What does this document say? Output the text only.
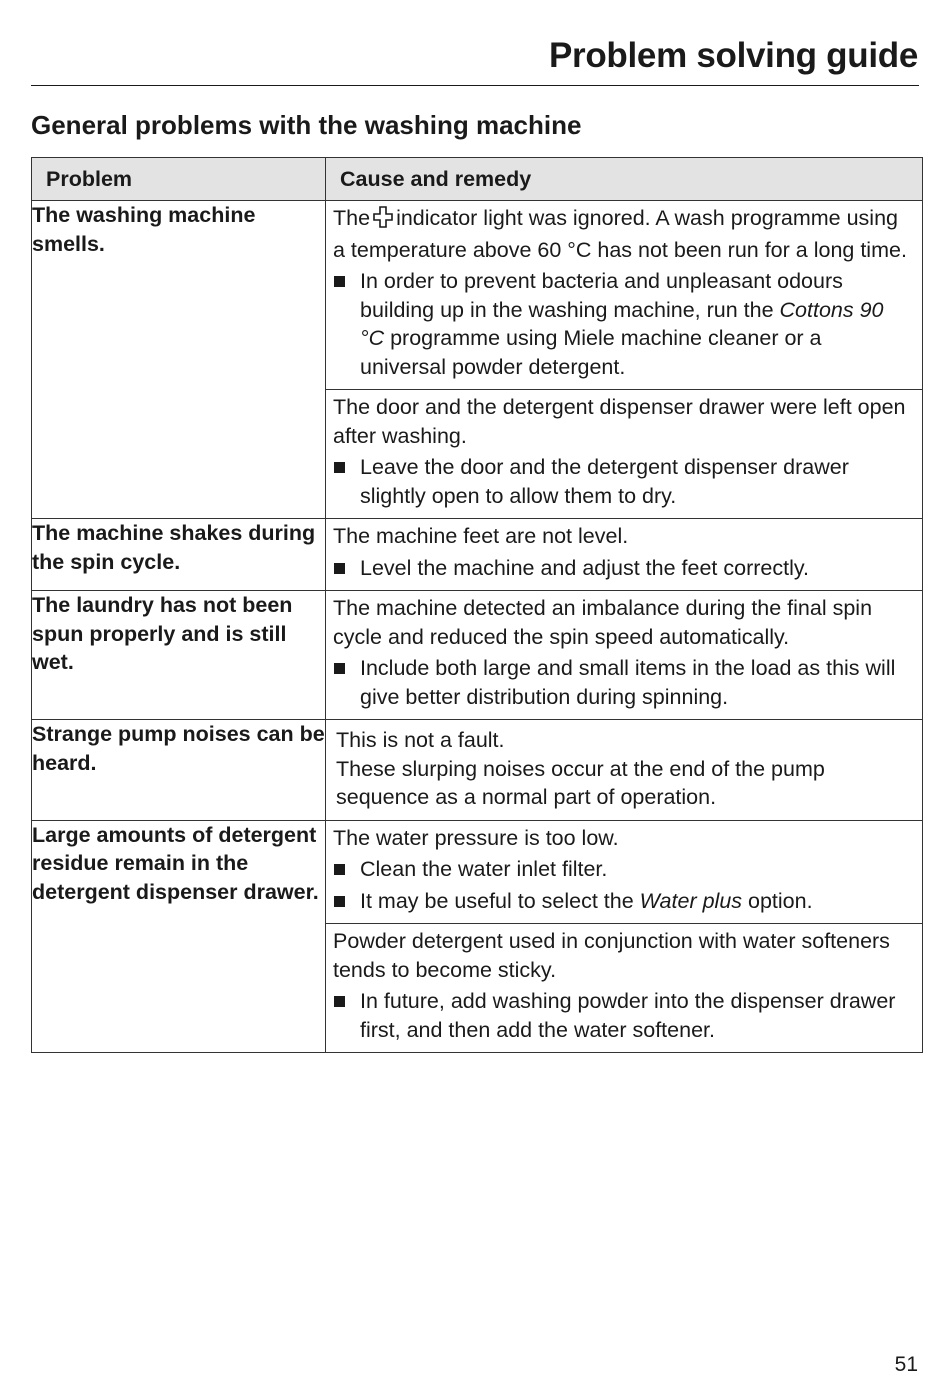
Problem solving guide
General problems with the washing machine
Problem	Cause and remedy
The washing machine smells.	The indicator light was ignored. A wash programme using a temperature above 60 °C has not been run for a long time.
In order to prevent bacteria and unpleasant odours building up in the washing machine, run the Cottons 90 °C programme using Miele machine cleaner or a universal powder detergent.
The door and the detergent dispenser drawer were left open after washing.
Leave the door and the detergent dispenser drawer slightly open to allow them to dry.

The machine shakes during the spin cycle.	The machine feet are not level.
Level the machine and adjust the feet correctly.

The laundry has not been spun properly and is still wet.	The machine detected an imbalance during the final spin cycle and reduced the spin speed automatically.
Include both large and small items in the load as this will give better distribution during spinning.

Strange pump noises can be heard.	This is not a fault.
These slurping noises occur at the end of the pump sequence as a normal part of operation.

Large amounts of detergent residue remain in the detergent dispenser drawer.	The water pressure is too low.
Clean the water inlet filter.
It may be useful to select the Water plus option.
Powder detergent used in conjunction with water softeners tends to become sticky.
In future, add washing powder into the dispenser drawer first, and then add the water softener.
51
